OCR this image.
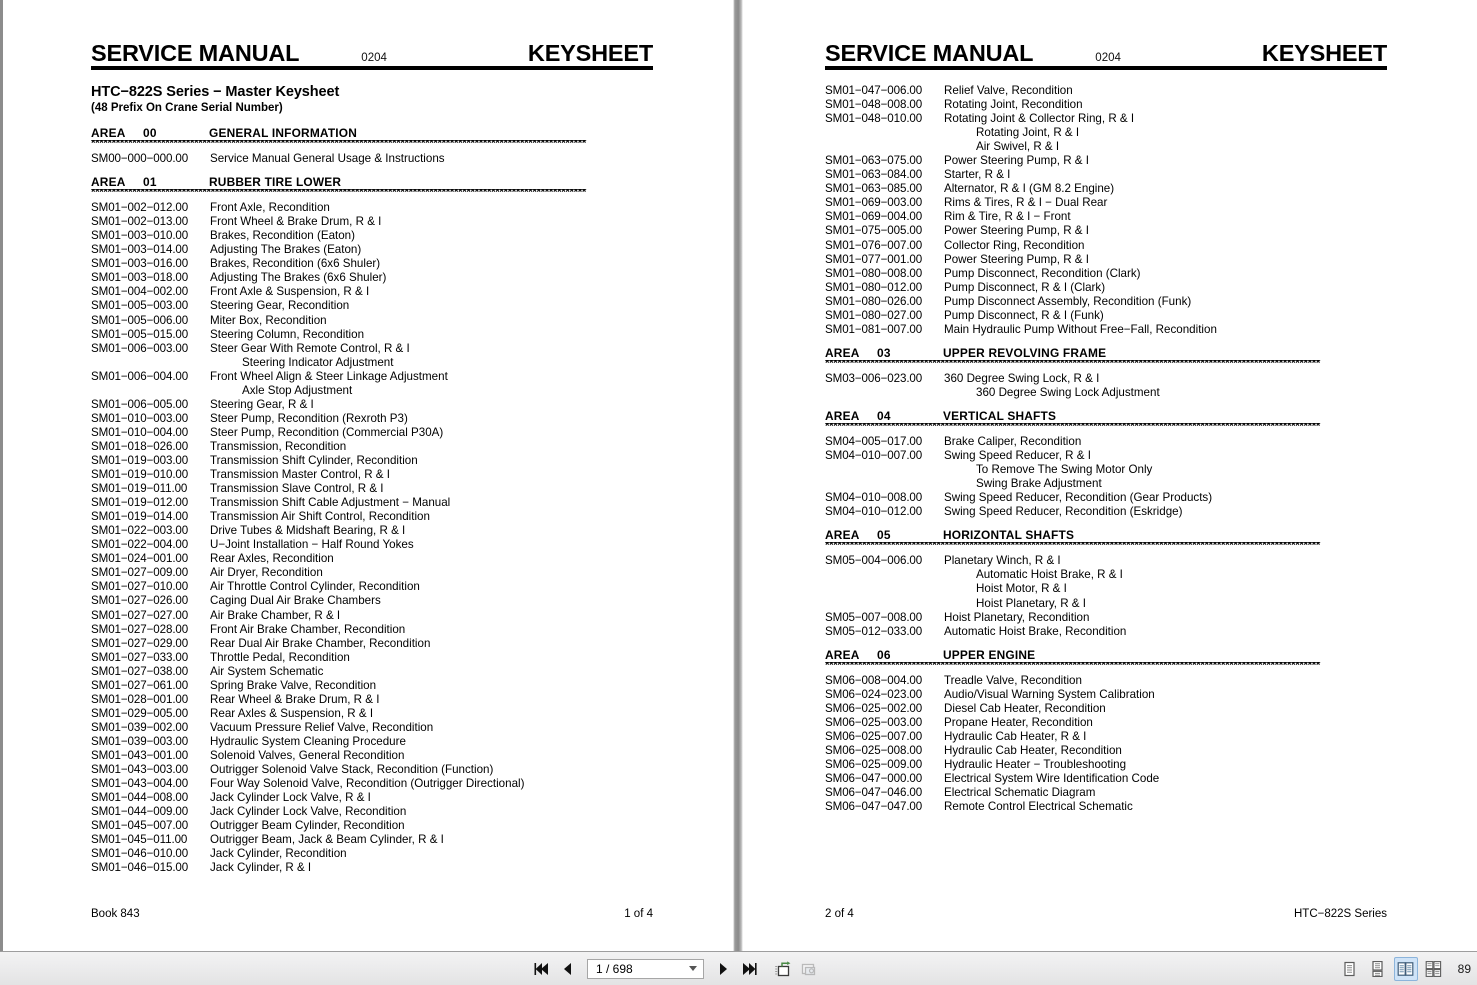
SERVICE MANUAL	0204	KEYSHEET
HTC−822S Series − Master Keysheet
(48 Prefix On Crane Serial Number)
AREA	00	GENERAL INFORMATION
************************************************************************************************************************
SM00−000−000.00	Service Manual General Usage & Instructions
AREA	01	RUBBER TIRE LOWER
************************************************************************************************************************
SM01−002−012.00	Front Axle, Recondition
SM01−002−013.00	Front Wheel & Brake Drum, R & I
SM01−003−010.00	Brakes, Recondition (Eaton)
SM01−003−014.00	Adjusting The Brakes (Eaton)
SM01−003−016.00	Brakes, Recondition (6x6 Shuler)
SM01−003−018.00	Adjusting The Brakes (6x6 Shuler)
SM01−004−002.00	Front Axle & Suspension, R & I
SM01−005−003.00	Steering Gear, Recondition
SM01−005−006.00	Miter Box, Recondition
SM01−005−015.00	Steering Column, Recondition
SM01−006−003.00	Steer Gear With Remote Control, R & I
Steering Indicator Adjustment
SM01−006−004.00	Front Wheel Align & Steer Linkage Adjustment
Axle Stop Adjustment
SM01−006−005.00	Steering Gear, R & I
SM01−010−003.00	Steer Pump, Recondition (Rexroth P3)
SM01−010−004.00	Steer Pump, Recondition (Commercial P30A)
SM01−018−026.00	Transmission, Recondition
SM01−019−003.00	Transmission Shift Cylinder, Recondition
SM01−019−010.00	Transmission Master Control, R & I
SM01−019−011.00	Transmission Slave Control, R & I
SM01−019−012.00	Transmission Shift Cable Adjustment − Manual
SM01−019−014.00	Transmission Air Shift Control, Recondition
SM01−022−003.00	Drive Tubes & Midshaft Bearing, R & I
SM01−022−004.00	U−Joint Installation − Half Round Yokes
SM01−024−001.00	Rear Axles, Recondition
SM01−027−009.00	Air Dryer, Recondition
SM01−027−010.00	Air Throttle Control Cylinder, Recondition
SM01−027−026.00	Caging Dual Air Brake Chambers
SM01−027−027.00	Air Brake Chamber, R & I
SM01−027−028.00	Front Air Brake Chamber, Recondition
SM01−027−029.00	Rear Dual Air Brake Chamber, Recondition
SM01−027−033.00	Throttle Pedal, Recondition
SM01−027−038.00	Air System Schematic
SM01−027−061.00	Spring Brake Valve, Recondition
SM01−028−001.00	Rear Wheel & Brake Drum, R & I
SM01−029−005.00	Rear Axles & Suspension, R & I
SM01−039−002.00	Vacuum Pressure Relief Valve, Recondition
SM01−039−003.00	Hydraulic System Cleaning Procedure
SM01−043−001.00	Solenoid Valves, General Recondition
SM01−043−003.00	Outrigger Solenoid Valve Stack, Recondition (Function)
SM01−043−004.00	Four Way Solenoid Valve, Recondition (Outrigger Directional)
SM01−044−008.00	Jack Cylinder Lock Valve, R & I
SM01−044−009.00	Jack Cylinder Lock Valve, Recondition
SM01−045−007.00	Outrigger Beam Cylinder, Recondition
SM01−045−011.00	Outrigger Beam, Jack & Beam Cylinder, R & I
SM01−046−010.00	Jack Cylinder, Recondition
SM01−046−015.00	Jack Cylinder, R & I
Book 843	1 of 4
SERVICE MANUAL	0204	KEYSHEET
SM01−047−006.00	Relief Valve, Recondition
SM01−048−008.00	Rotating Joint, Recondition
SM01−048−010.00	Rotating Joint & Collector Ring, R & I
Rotating Joint, R & I
Air Swivel, R & I
SM01−063−075.00	Power Steering Pump, R & I
SM01−063−084.00	Starter, R & I
SM01−063−085.00	Alternator, R & I (GM 8.2 Engine)
SM01−069−003.00	Rims & Tires, R & I − Dual Rear
SM01−069−004.00	Rim & Tire, R & I − Front
SM01−075−005.00	Power Steering Pump, R & I
SM01−076−007.00	Collector Ring, Recondition
SM01−077−001.00	Power Steering Pump, R & I
SM01−080−008.00	Pump Disconnect, Recondition (Clark)
SM01−080−012.00	Pump Disconnect, R & I (Clark)
SM01−080−026.00	Pump Disconnect Assembly, Recondition (Funk)
SM01−080−027.00	Pump Disconnect, R & I (Funk)
SM01−081−007.00	Main Hydraulic Pump Without Free−Fall, Recondition
AREA	03	UPPER REVOLVING FRAME
************************************************************************************************************************
SM03−006−023.00	360 Degree Swing Lock, R & I
360 Degree Swing Lock Adjustment
AREA	04	VERTICAL SHAFTS
************************************************************************************************************************
SM04−005−017.00	Brake Caliper, Recondition
SM04−010−007.00	Swing Speed Reducer, R & I
To Remove The Swing Motor Only
Swing Brake Adjustment
SM04−010−008.00	Swing Speed Reducer, Recondition (Gear Products)
SM04−010−012.00	Swing Speed Reducer, Recondition (Eskridge)
AREA	05	HORIZONTAL SHAFTS
************************************************************************************************************************
SM05−004−006.00	Planetary Winch, R & I
Automatic Hoist Brake, R & I
Hoist Motor, R & I
Hoist Planetary, R & I
SM05−007−008.00	Hoist Planetary, Recondition
SM05−012−033.00	Automatic Hoist Brake, Recondition
AREA	06	UPPER ENGINE
************************************************************************************************************************
SM06−008−004.00	Treadle Valve, Recondition
SM06−024−023.00	Audio/Visual Warning System Calibration
SM06−025−002.00	Diesel Cab Heater, Recondition
SM06−025−003.00	Propane Heater, Recondition
SM06−025−007.00	Hydraulic Cab Heater, R & I
SM06−025−008.00	Hydraulic Cab Heater, Recondition
SM06−025−009.00	Hydraulic Heater − Troubleshooting
SM06−047−000.00	Electrical System Wire Identification Code
SM06−047−046.00	Electrical Schematic Diagram
SM06−047−047.00	Remote Control Electrical Schematic
2 of 4	HTC−822S Series
1 / 698	89
